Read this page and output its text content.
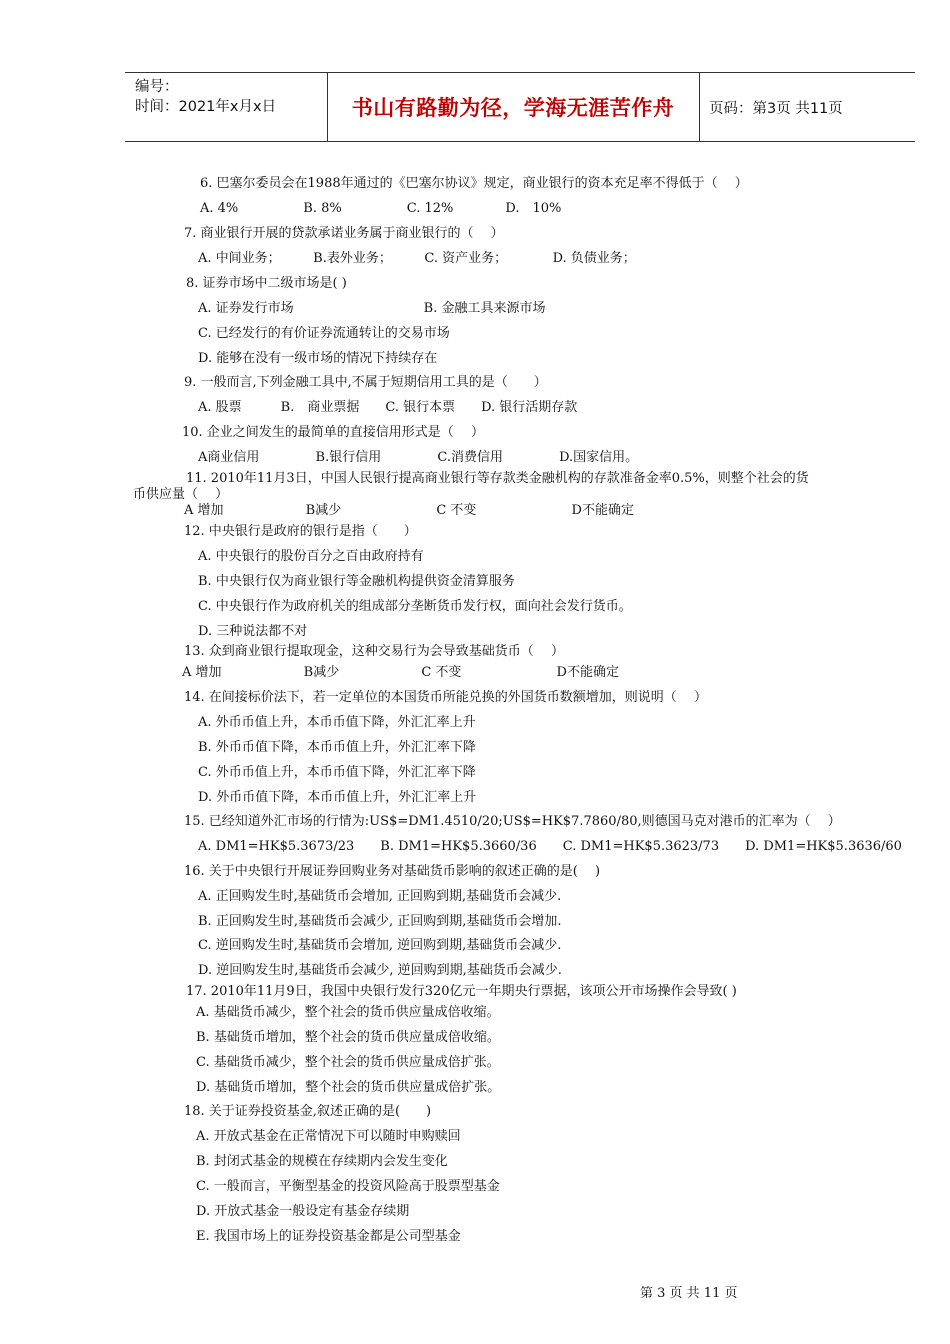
编号：
时间：2021年x月x日	书山有路勤为径，学海无涯苦作舟	页码：第3页 共11页
6. 巴塞尔委员会在1988年通过的《巴塞尔协议》规定，商业银行的资本充足率不得低于（　 ）
A. 4%　　　　　B. 8%　　　　　C. 12%　　　　D.　10%
7. 商业银行开展的贷款承诺业务属于商业银行的（　 ）
A. 中间业务；　　　B.表外业务；　　　C. 资产业务；　　　　D. 负债业务；
8. 证券市场中二级市场是( )
A. 证券发行市场　　　　　　　　　　B. 金融工具来源市场
C. 已经发行的有价证券流通转让的交易市场
D. 能够在没有一级市场的情况下持续存在
9. 一般而言,下列金融工具中,不属于短期信用工具的是（　　）
A. 股票　　　B.　商业票据　　C. 银行本票　　D. 银行活期存款
10. 企业之间发生的最简单的直接信用形式是（　 ）
A商业信用　　　　 B.银行信用　　　　 C.消费信用　　　　 D.国家信用。
11. 2010年11月3日，中国人民银行提高商业银行等存款类金融机构的存款准备金率0.5%，则整个社会的货
币供应量（　 ）
A 增加　　　　　　 B减少　　　　　　　 C 不变　　　　　　　 D不能确定
12. 中央银行是政府的银行是指（　　）
A. 中央银行的股份百分之百由政府持有
B. 中央银行仅为商业银行等金融机构提供资金清算服务
C. 中央银行作为政府机关的组成部分垄断货币发行权，面向社会发行货币。
D. 三种说法都不对
13. 众到商业银行提取现金，这种交易行为会导致基础货币（　 ）
A 增加　　　　　　 B减少　　　　　　 C 不变　　　　　　　 D不能确定
14. 在间接标价法下，若一定单位的本国货币所能兑换的外国货币数额增加，则说明（　 ）
A. 外币币值上升，本币币值下降，外汇汇率上升
B. 外币币值下降，本币币值上升，外汇汇率下降
C. 外币币值上升，本币币值下降，外汇汇率下降
D. 外币币值下降，本币币值上升，外汇汇率上升
15. 已经知道外汇市场的行情为:US$=DM1.4510/20;US$=HK$7.7860/80,则德国马克对港币的汇率为（　 ）
A. DM1=HK$5.3673/23　　B. DM1=HK$5.3660/36　　C. DM1=HK$5.3623/73　　D. DM1=HK$5.3636/60
16. 关于中央银行开展证券回购业务对基础货币影响的叙述正确的是(　 )
A. 正回购发生时,基础货币会增加, 正回购到期,基础货币会减少.
B. 正回购发生时,基础货币会减少, 正回购到期,基础货币会增加.
C. 逆回购发生时,基础货币会增加, 逆回购到期,基础货币会减少.
D. 逆回购发生时,基础货币会减少, 逆回购到期,基础货币会减少.
17. 2010年11月9日，我国中央银行发行320亿元一年期央行票据，该项公开市场操作会导致( )
A. 基础货币减少，整个社会的货币供应量成倍收缩。
B. 基础货币增加，整个社会的货币供应量成倍收缩。
C. 基础货币减少，整个社会的货币供应量成倍扩张。
D. 基础货币增加，整个社会的货币供应量成倍扩张。
18. 关于证券投资基金,叙述正确的是(　　)
A. 开放式基金在正常情况下可以随时申购赎回
B. 封闭式基金的规模在存续期内会发生变化
C. 一般而言，平衡型基金的投资风险高于股票型基金
D. 开放式基金一般设定有基金存续期
E. 我国市场上的证券投资基金都是公司型基金
第 3 页 共 11 页
